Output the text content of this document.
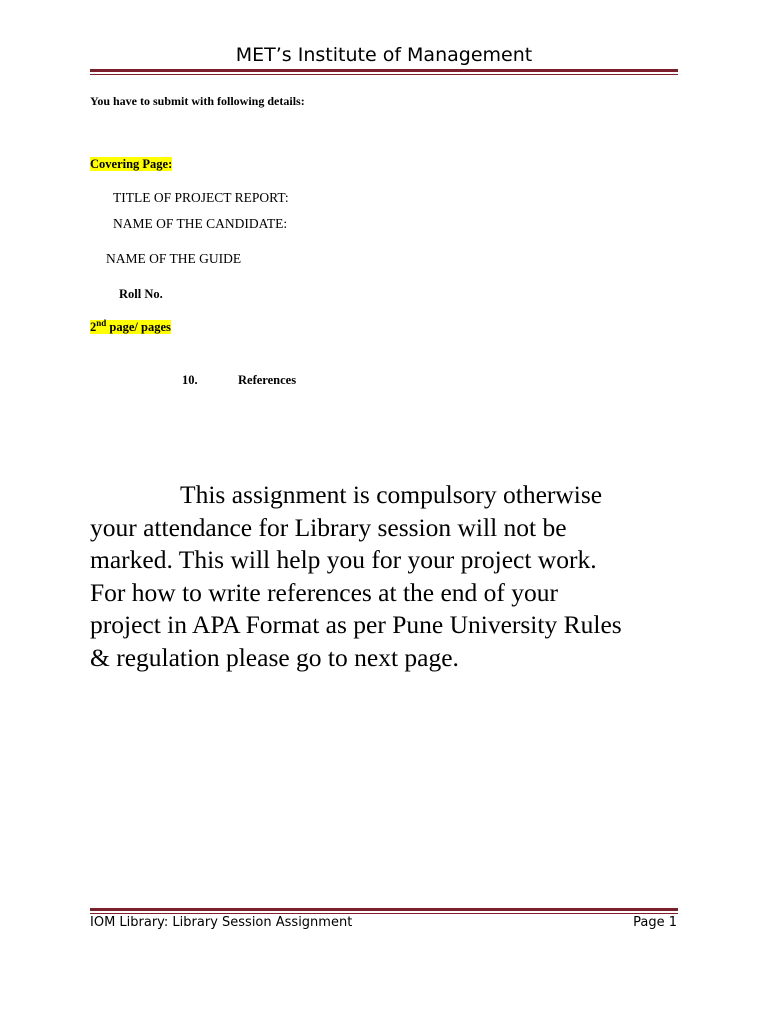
MET’s Institute of Management
You have to submit with following details:
Covering Page:
TITLE OF PROJECT REPORT:
NAME OF THE CANDIDATE:
NAME OF THE GUIDE
Roll No.
2nd page/ pages
10.	References
This assignment is compulsory otherwise
your attendance for Library session will not be
marked. This will help you for your project work.
For how to write references at the end of your
project in APA Format as per Pune University Rules
& regulation please go to next page.
IOM Library: Library Session Assignment	Page 1
